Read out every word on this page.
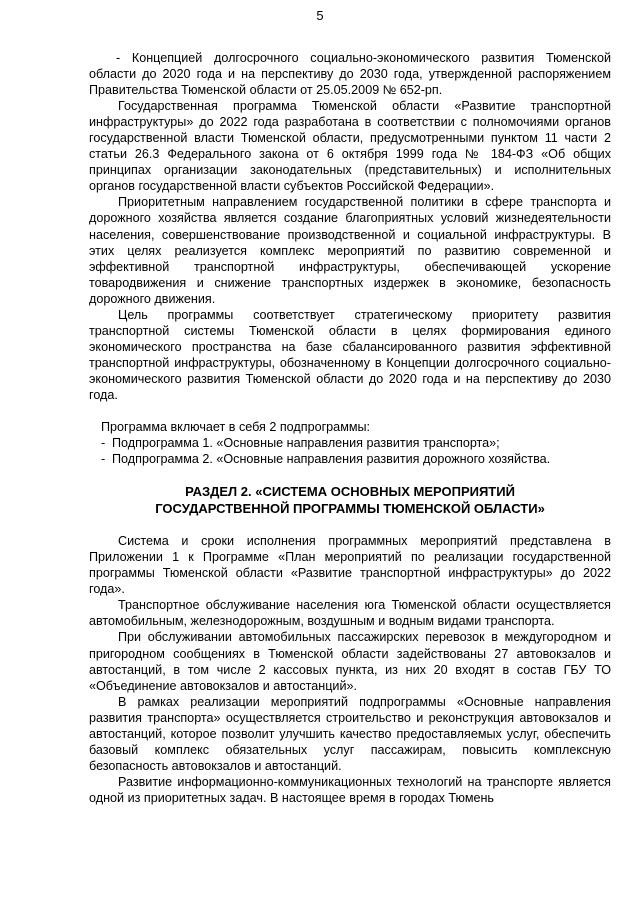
5

- Концепцией долгосрочного социально-экономического развития Тюменской области до 2020 года и на перспективу до 2030 года, утвержденной распоряжением Правительства Тюменской области от 25.05.2009 № 652-рп.

Государственная программа Тюменской области «Развитие транспортной инфраструктуры» до 2022 года разработана в соответствии с полномочиями органов государственной власти Тюменской области, предусмотренными пунктом 11 части 2 статьи 26.3 Федерального закона от 6 октября 1999 года № 184-ФЗ «Об общих принципах организации законодательных (представительных) и исполнительных органов государственной власти субъектов Российской Федерации».

Приоритетным направлением государственной политики в сфере транспорта и дорожного хозяйства является создание благоприятных условий жизнедеятельности населения, совершенствование производственной и социальной инфраструктуры. В этих целях реализуется комплекс мероприятий по развитию современной и эффективной транспортной инфраструктуры, обеспечивающей ускорение товародвижения и снижение транспортных издержек в экономике, безопасность дорожного движения.

Цель программы соответствует стратегическому приоритету развития транспортной системы Тюменской области в целях формирования единого экономического пространства на базе сбалансированного развития эффективной транспортной инфраструктуры, обозначенному в Концепции долгосрочного социально-экономического развития Тюменской области до 2020 года и на перспективу до 2030 года.

Программа включает в себя 2 подпрограммы:

- Подпрограмма 1. «Основные направления развития транспорта»;
- Подпрограмма 2. «Основные направления развития дорожного хозяйства.
РАЗДЕЛ 2. «СИСТЕМА ОСНОВНЫХ МЕРОПРИЯТИЙ
ГОСУДАРСТВЕННОЙ ПРОГРАММЫ ТЮМЕНСКОЙ ОБЛАСТИ»

Система и сроки исполнения программных мероприятий представлена в Приложении 1 к Программе «План мероприятий по реализации государственной программы Тюменской области «Развитие транспортной инфраструктуры» до 2022 года».

Транспортное обслуживание населения юга Тюменской области осуществляется автомобильным, железнодорожным, воздушным и водным видами транспорта.

При обслуживании автомобильных пассажирских перевозок в междугородном и пригородном сообщениях в Тюменской области задействованы 27 автовокзалов и автостанций, в том числе 2 кассовых пункта, из них 20 входят в состав ГБУ ТО «Объединение автовокзалов и автостанций».

В рамках реализации мероприятий подпрограммы «Основные направления развития транспорта» осуществляется строительство и реконструкция автовокзалов и автостанций, которое позволит улучшить качество предоставляемых услуг, обеспечить базовый комплекс обязательных услуг пассажирам, повысить комплексную безопасность автовокзалов и автостанций.

Развитие информационно-коммуникационных технологий на транспорте является одной из приоритетных задач. В настоящее время в городах Тюмень
